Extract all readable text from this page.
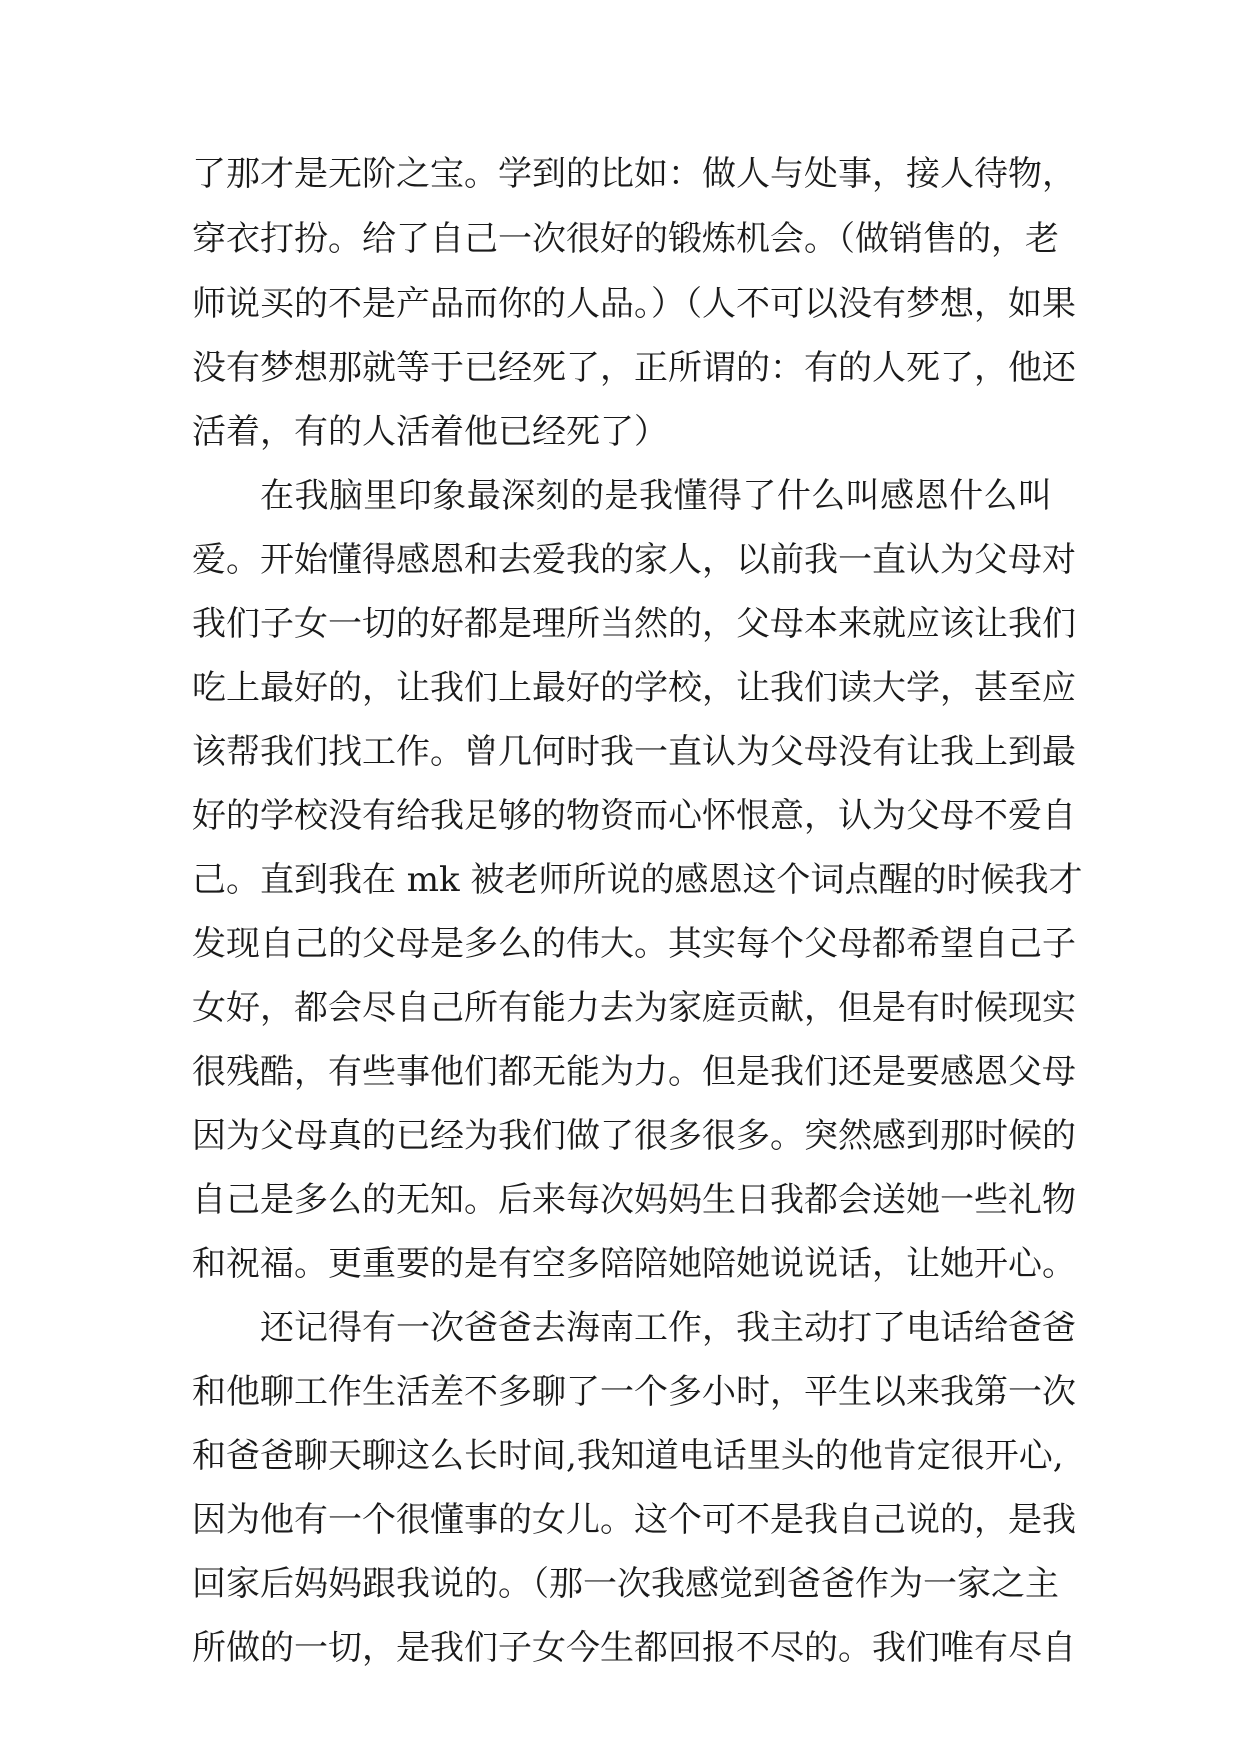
了那才是无阶之宝。学到的比如：做人与处事，接人待物，
穿衣打扮。给了自己一次很好的锻炼机会。（做销售的，老
师说买的不是产品而你的人品。）（人不可以没有梦想，如果
没有梦想那就等于已经死了，正所谓的：有的人死了，他还
活着，有的人活着他已经死了）
在我脑里印象最深刻的是我懂得了什么叫感恩什么叫
爱。开始懂得感恩和去爱我的家人，以前我一直认为父母对
我们子女一切的好都是理所当然的，父母本来就应该让我们
吃上最好的，让我们上最好的学校，让我们读大学，甚至应
该帮我们找工作。曾几何时我一直认为父母没有让我上到最
好的学校没有给我足够的物资而心怀恨意，认为父母不爱自
己。直到我在 mk 被老师所说的感恩这个词点醒的时候我才
发现自己的父母是多么的伟大。其实每个父母都希望自己子
女好，都会尽自己所有能力去为家庭贡献，但是有时候现实
很残酷，有些事他们都无能为力。但是我们还是要感恩父母
因为父母真的已经为我们做了很多很多。突然感到那时候的
自己是多么的无知。后来每次妈妈生日我都会送她一些礼物
和祝福。更重要的是有空多陪陪她陪她说说话，让她开心。
还记得有一次爸爸去海南工作，我主动打了电话给爸爸
和他聊工作生活差不多聊了一个多小时，平生以来我第一次
和爸爸聊天聊这么长时间,我知道电话里头的他肯定很开心,
因为他有一个很懂事的女儿。这个可不是我自己说的，是我
回家后妈妈跟我说的。（那一次我感觉到爸爸作为一家之主
所做的一切，是我们子女今生都回报不尽的。我们唯有尽自
